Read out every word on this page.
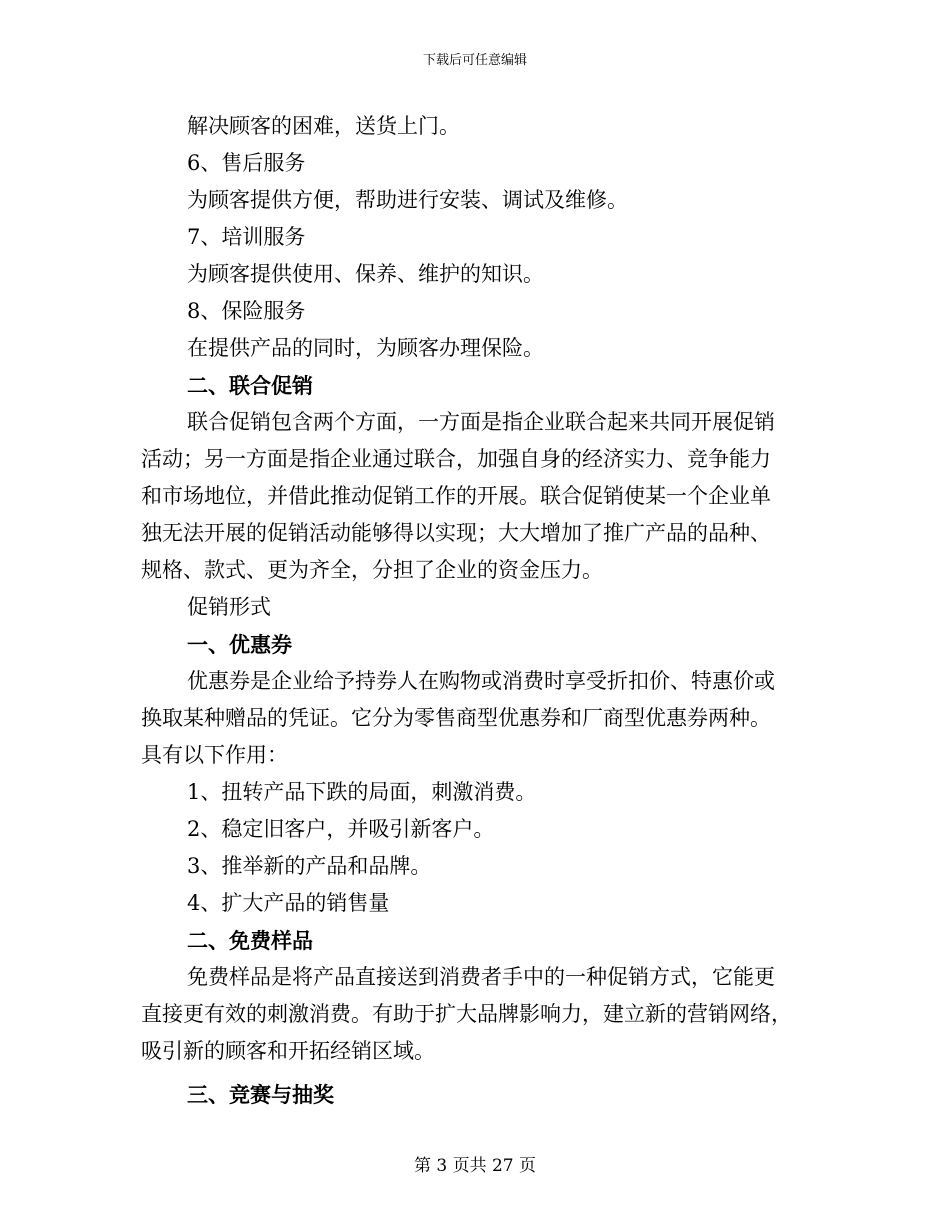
下载后可任意编辑
解决顾客的困难，送货上门。
6、售后服务
为顾客提供方便，帮助进行安装、调试及维修。
7、培训服务
为顾客提供使用、保养、维护的知识。
8、保险服务
在提供产品的同时，为顾客办理保险。
二、联合促销
联合促销包含两个方面，一方面是指企业联合起来共同开展促销
活动；另一方面是指企业通过联合，加强自身的经济实力、竞争能力
和市场地位，并借此推动促销工作的开展。联合促销使某一个企业单
独无法开展的促销活动能够得以实现；大大增加了推广产品的品种、
规格、款式、更为齐全，分担了企业的资金压力。
促销形式
一、优惠券
优惠券是企业给予持券人在购物或消费时享受折扣价、特惠价或
换取某种赠品的凭证。它分为零售商型优惠券和厂商型优惠券两种。
具有以下作用：
1、扭转产品下跌的局面，刺激消费。
2、稳定旧客户，并吸引新客户。
3、推举新的产品和品牌。
4、扩大产品的销售量
二、免费样品
免费样品是将产品直接送到消费者手中的一种促销方式，它能更
直接更有效的刺激消费。有助于扩大品牌影响力，建立新的营销网络，
吸引新的顾客和开拓经销区域。
三、竞赛与抽奖
第 3 页共 27 页
